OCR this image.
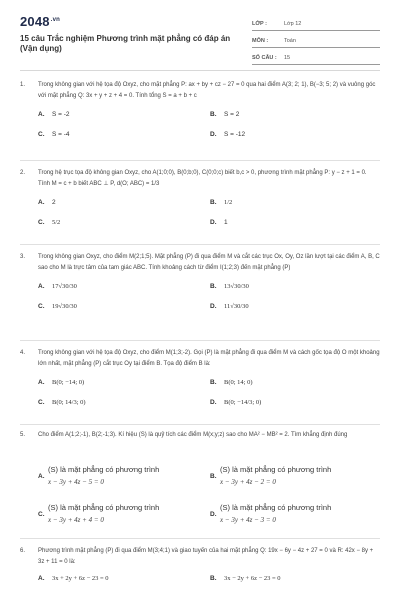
$2048^{.vn}$
15 câu Trắc nghiệm Phương trình mặt phẳng có đáp án (Vận dụng)
LỚP :	Lớp 12
MÔN :	Toán
SỐ CÂU :	15
1. Trong không gian với hệ tọa độ Oxyz, cho mặt phẳng P: ax + by + cz − 27 = 0 qua hai điểm A(3; 2; 1), B(−3; 5; 2) và vuông góc với mặt phẳng Q: 3x + y + z + 4 = 0. Tính tổng S = a + b + c
A.	S = -2	B.	S = 2
C.	S = -4	D.	S = -12
2. Trong hệ trục tọa độ không gian Oxyz, cho A(1;0;0), B(0;b;0), C(0;0;c) biết b,c > 0, phương trình mặt phẳng P: y − z + 1 = 0. Tính M = c + b biết ABC ⊥ P, d(O; ABC) = 1/3
A.	2	B.	1/2
C.	5/2	D.	1
3. Trong không gian Oxyz, cho điểm M(2;1;5). Mặt phẳng (P) đi qua điểm M và cắt các trục Ox, Oy, Oz lần lượt tại các điểm A, B, C sao cho M là trực tâm của tam giác ABC. Tính khoảng cách từ điểm I(1;2;3) đến mặt phẳng (P)
A.	17√30/30	B.	13√30/30
C.	19√30/30	D.	11√30/30
4. Trong không gian với hệ tọa độ Oxyz, cho điểm M(1;3;-2). Gọi (P) là mặt phẳng đi qua điểm M và cách gốc tọa độ O một khoảng lớn nhất, mặt phẳng (P) cắt trục Oy tại điểm B. Tọa độ điểm B là:
A.	B(0; −14; 0)	B.	B(0; 14; 0)
C.	B(0; 14/3; 0)	D.	B(0; −14/3; 0)
5. Cho điểm A(1;2;-1), B(2;-1;3). Kí hiệu (S) là quỹ tích các điểm M(x;y;z) sao cho MA² − MB² = 2. Tìm khẳng định đúng
A.
(S) là mặt phẳng có phương trình
x − 3y + 4z − 5 = 0
B.
(S) là mặt phẳng có phương trình
x − 3y + 4z − 2 = 0
C.
(S) là mặt phẳng có phương trình
x − 3y + 4z + 4 = 0
D.
(S) là mặt phẳng có phương trình
x − 3y + 4z − 3 = 0
6. Phương trình mặt phẳng (P) đi qua điểm M(3;4;1) và giao tuyến của hai mặt phẳng Q: 19x − 6y − 4z + 27 = 0 và R: 42x − 8y + 3z + 11 = 0 là:
A.	3x + 2y + 6z − 23 = 0	B.	3x − 2y + 6z − 23 = 0
